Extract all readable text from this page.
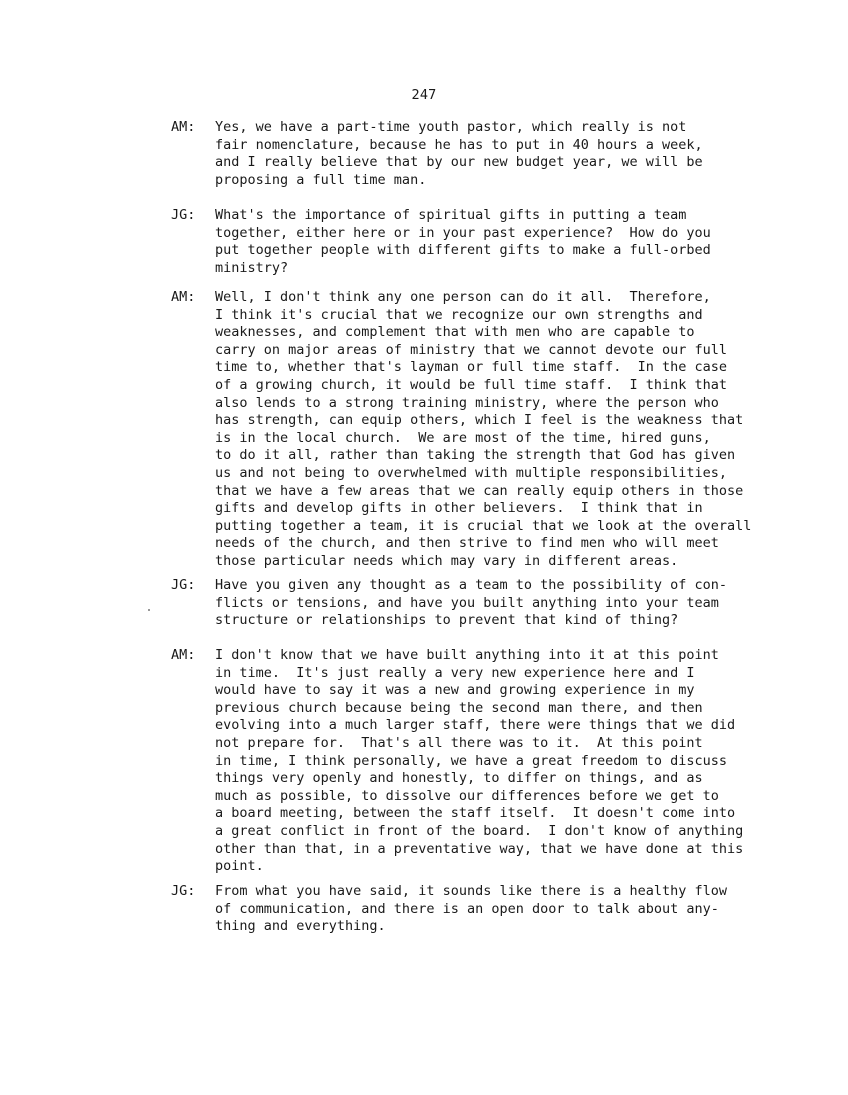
247
AM:	Yes, we have a part-time youth pastor, which really is not
fair nomenclature, because he has to put in 40 hours a week,
and I really believe that by our new budget year, we will be
proposing a full time man.
JG:	What's the importance of spiritual gifts in putting a team
together, either here or in your past experience?  How do you
put together people with different gifts to make a full-orbed
ministry?
AM:	Well, I don't think any one person can do it all.  Therefore,
I think it's crucial that we recognize our own strengths and
weaknesses, and complement that with men who are capable to
carry on major areas of ministry that we cannot devote our full
time to, whether that's layman or full time staff.  In the case
of a growing church, it would be full time staff.  I think that
also lends to a strong training ministry, where the person who
has strength, can equip others, which I feel is the weakness that
is in the local church.  We are most of the time, hired guns,
to do it all, rather than taking the strength that God has given
us and not being to overwhelmed with multiple responsibilities,
that we have a few areas that we can really equip others in those
gifts and develop gifts in other believers.  I think that in
putting together a team, it is crucial that we look at the overall
needs of the church, and then strive to find men who will meet
those particular needs which may vary in different areas.
JG:	Have you given any thought as a team to the possibility of con-
flicts or tensions, and have you built anything into your team
structure or relationships to prevent that kind of thing?
AM:	I don't know that we have built anything into it at this point
in time.  It's just really a very new experience here and I
would have to say it was a new and growing experience in my
previous church because being the second man there, and then
evolving into a much larger staff, there were things that we did
not prepare for.  That's all there was to it.  At this point
in time, I think personally, we have a great freedom to discuss
things very openly and honestly, to differ on things, and as
much as possible, to dissolve our differences before we get to
a board meeting, between the staff itself.  It doesn't come into
a great conflict in front of the board.  I don't know of anything
other than that, in a preventative way, that we have done at this
point.
JG:	From what you have said, it sounds like there is a healthy flow
of communication, and there is an open door to talk about any-
thing and everything.
